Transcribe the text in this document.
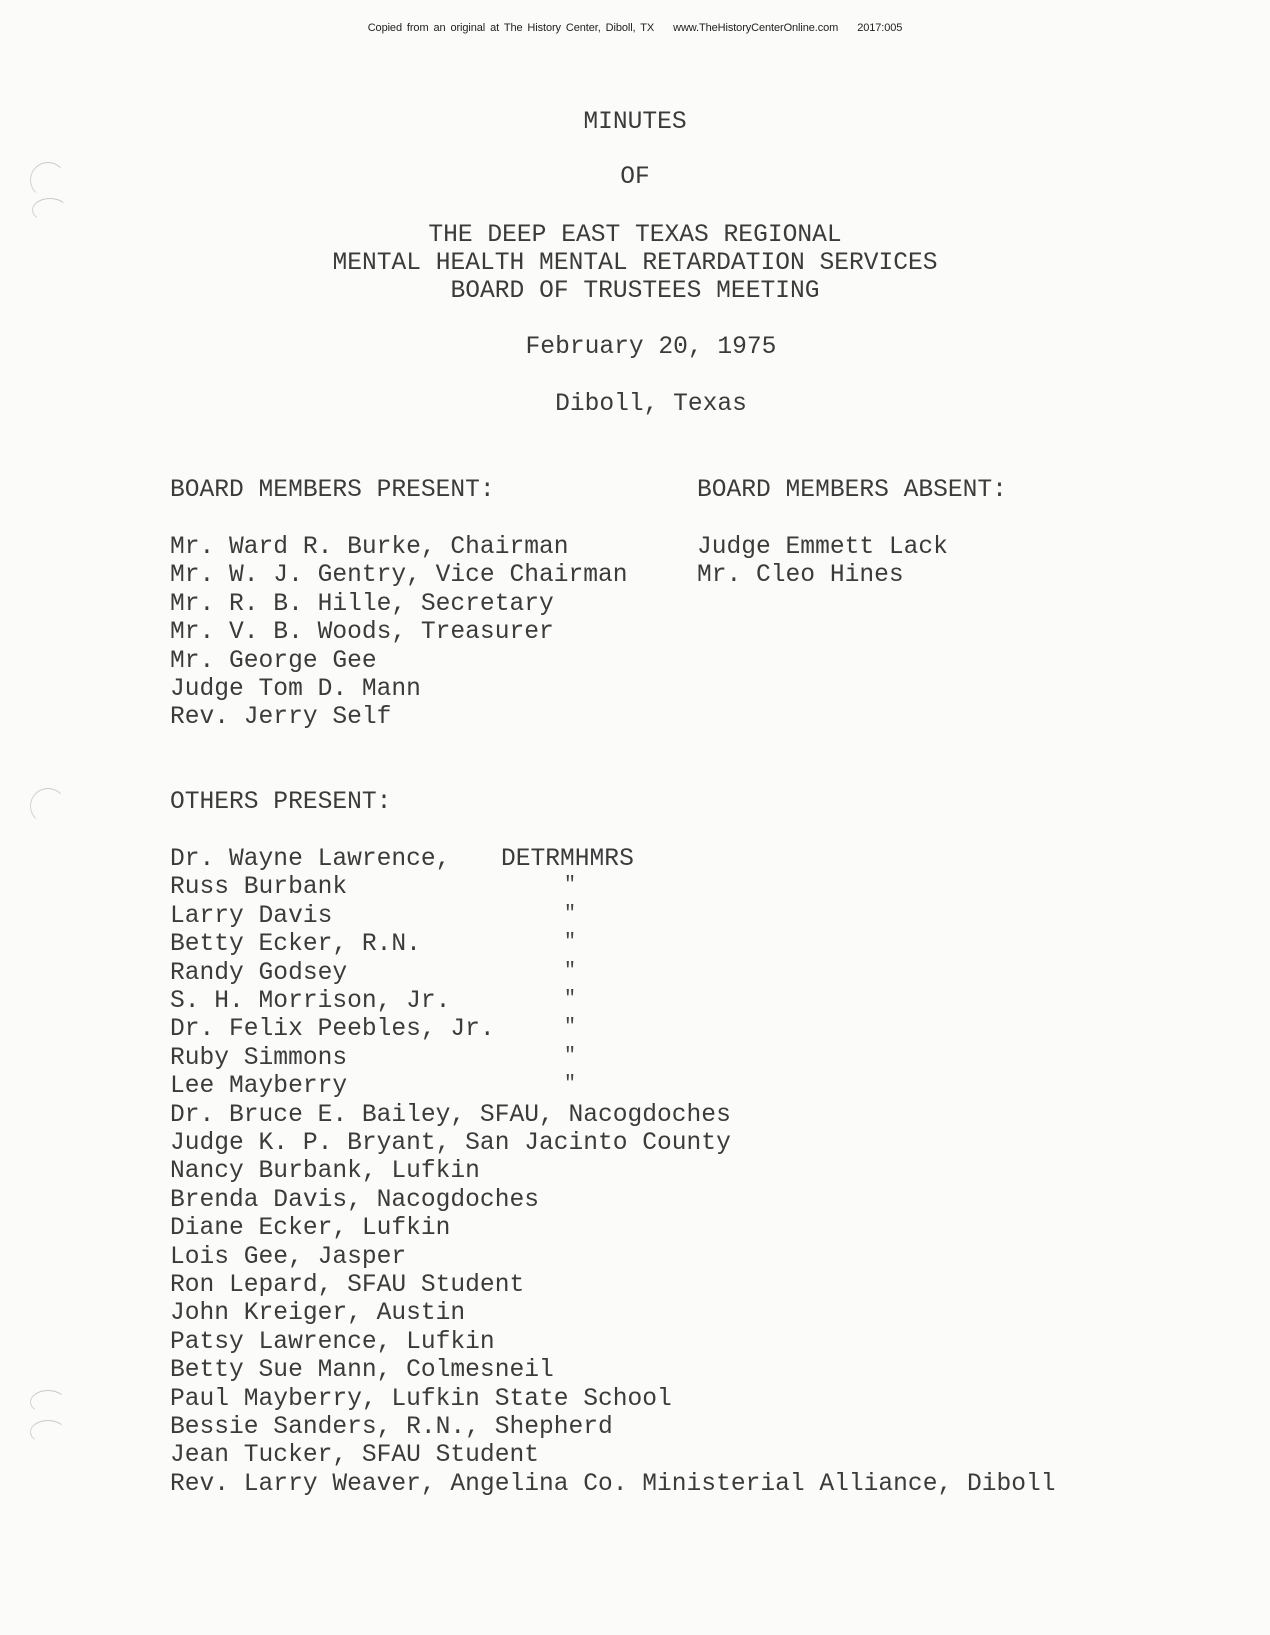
Copied from an original at The History Center, Diboll, TX www.TheHistoryCenterOnline.com 2017:005
MINUTES
OF
THE DEEP EAST TEXAS REGIONAL
MENTAL HEALTH MENTAL RETARDATION SERVICES
BOARD OF TRUSTEES MEETING
February 20, 1975
Diboll, Texas
BOARD MEMBERS PRESENT:
Mr. Ward R. Burke, Chairman
Mr. W. J. Gentry, Vice Chairman
Mr. R. B. Hille, Secretary
Mr. V. B. Woods, Treasurer
Mr. George Gee
Judge Tom D. Mann
Rev. Jerry Self
BOARD MEMBERS ABSENT:
Judge Emmett Lack
Mr. Cleo Hines
OTHERS PRESENT:
Dr. Wayne Lawrence, DETRMHMRS
Russ Burbank
Larry Davis
Betty Ecker, R.N.
Randy Godsey
S. H. Morrison, Jr.
Dr. Felix Peebles, Jr.
Ruby Simmons
Lee Mayberry
"
"
"
"
"
"
"
"
Dr. Bruce E. Bailey, SFAU, Nacogdoches
Judge K. P. Bryant, San Jacinto County
Nancy Burbank, Lufkin
Brenda Davis, Nacogdoches
Diane Ecker, Lufkin
Lois Gee, Jasper
Ron Lepard, SFAU Student
John Kreiger, Austin
Patsy Lawrence, Lufkin
Betty Sue Mann, Colmesneil
Paul Mayberry, Lufkin State School
Bessie Sanders, R.N., Shepherd
Jean Tucker, SFAU Student
Rev. Larry Weaver, Angelina Co. Ministerial Alliance, Diboll
